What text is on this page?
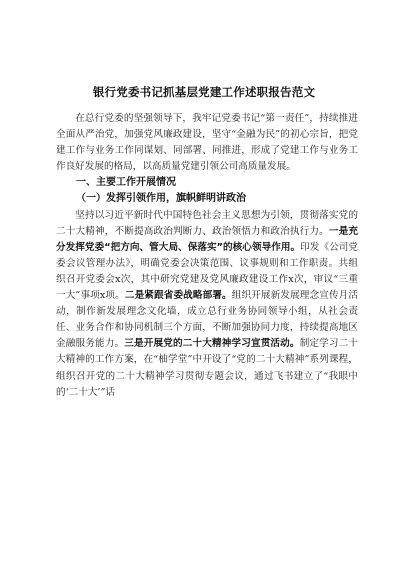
银行党委书记抓基层党建工作述职报告范文

在总行党委的坚强领导下，我牢记党委书记“第一责任”，持续推进全面从严治党，加强党风廉政建设，坚守“金融为民”的初心宗旨，把党建工作与业务工作同谋划、同部署、同推进，形成了党建工作与业务工作良好发展的格局，以高质量党建引领公司高质量发展。

一、主要工作开展情况

（一）发挥引领作用，旗帜鲜明讲政治

坚持以习近平新时代中国特色社会主义思想为引领，贯彻落实党的二十大精神，不断提高政治判断力、政治领悟力和政治执行力。一是充分发挥党委“把方向、管大局、保落实”的核心领导作用。印发《公司党委会议管理办法》，明确党委会决策范围、议事规则和工作职责。共组织召开党委会x次，其中研究党建及党风廉政建设工作x次，审议“三重一大”事项x项。二是紧跟省委战略部署。组织开展新发展理念宣传月活动，制作新发展理念文化墙，成立总行业务协同领导小组，从社会责任、业务合作和协同机制三个方面，不断加强协同力度，持续提高地区金融服务能力。三是开展党的二十大精神学习宣贯活动。制定学习二十大精神的工作方案，在“柚学堂”中开设了“党的二十大精神”系列课程，组织召开党的二十大精神学习贯彻专题会议，通过飞书建立了“我眼中的‘二十大’”话
